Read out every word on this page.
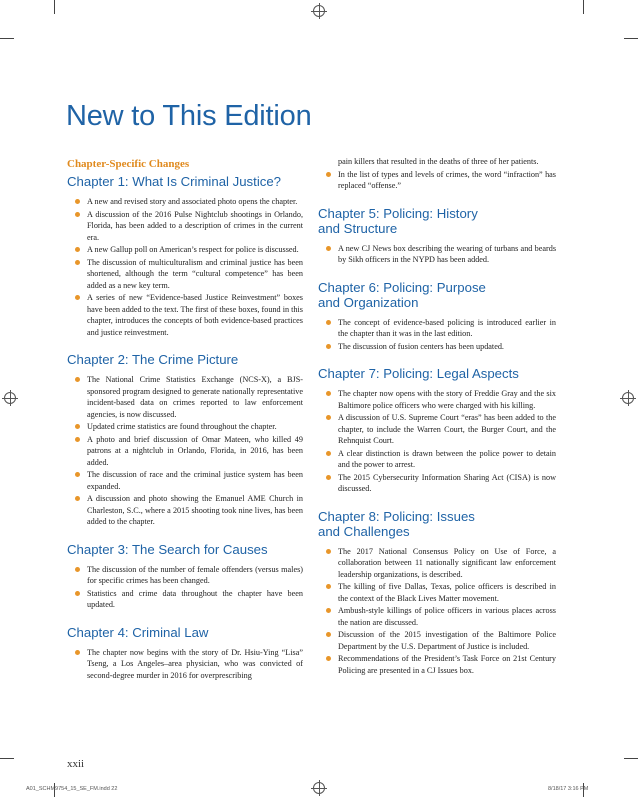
New to This Edition
Chapter-Specific Changes
Chapter 1: What Is Criminal Justice?
A new and revised story and associated photo opens the chapter.
A discussion of the 2016 Pulse Nightclub shootings in Orlando, Florida, has been added to a description of crimes in the current era.
A new Gallup poll on American’s respect for police is discussed.
The discussion of multiculturalism and criminal justice has been shortened, although the term “cultural competence” has been added as a new key term.
A series of new “Evidence-based Justice Reinvestment” boxes have been added to the text. The first of these boxes, found in this chapter, introduces the concepts of both evidence-based practices and justice reinvestment.
Chapter 2: The Crime Picture
The National Crime Statistics Exchange (NCS-X), a BJS-sponsored program designed to generate nationally representative incident-based data on crimes reported to law enforcement agencies, is now discussed.
Updated crime statistics are found throughout the chapter.
A photo and brief discussion of Omar Mateen, who killed 49 patrons at a nightclub in Orlando, Florida, in 2016, has been added.
The discussion of race and the criminal justice system has been expanded.
A discussion and photo showing the Emanuel AME Church in Charleston, S.C., where a 2015 shooting took nine lives, has been added to the chapter.
Chapter 3: The Search for Causes
The discussion of the number of female offenders (versus males) for specific crimes has been changed.
Statistics and crime data throughout the chapter have been updated.
Chapter 4: Criminal Law
The chapter now begins with the story of Dr. Hsiu-Ying “Lisa” Tseng, a Los Angeles–area physician, who was convicted of second-degree murder in 2016 for overprescribing
pain killers that resulted in the deaths of three of her patients.
In the list of types and levels of crimes, the word “infraction” has replaced “offense.”
Chapter 5: Policing: History
and Structure
A new CJ News box describing the wearing of turbans and beards by Sikh officers in the NYPD has been added.
Chapter 6: Policing: Purpose
and Organization
The concept of evidence-based policing is introduced earlier in the chapter than it was in the last edition.
The discussion of fusion centers has been updated.
Chapter 7: Policing: Legal Aspects
The chapter now opens with the story of Freddie Gray and the six Baltimore police officers who were charged with his killing.
A discussion of U.S. Supreme Court “eras” has been added to the chapter, to include the Warren Court, the Burger Court, and the Rehnquist Court.
A clear distinction is drawn between the police power to detain and the power to arrest.
The 2015 Cybersecurity Information Sharing Act (CISA) is now discussed.
Chapter 8: Policing: Issues
and Challenges
The 2017 National Consensus Policy on Use of Force, a collaboration between 11 nationally significant law enforcement leadership organizations, is described.
The killing of five Dallas, Texas, police officers is described in the context of the Black Lives Matter movement.
Ambush-style killings of police officers in various places across the nation are discussed.
Discussion of the 2015 investigation of the Baltimore Police Department by the U.S. Department of Justice is included.
Recommendations of the President’s Task Force on 21st Century Policing are presented in a CJ Issues box.
xxii
A01_SCHM9754_15_SE_FM.indd 22	8/18/17 3:16 PM
